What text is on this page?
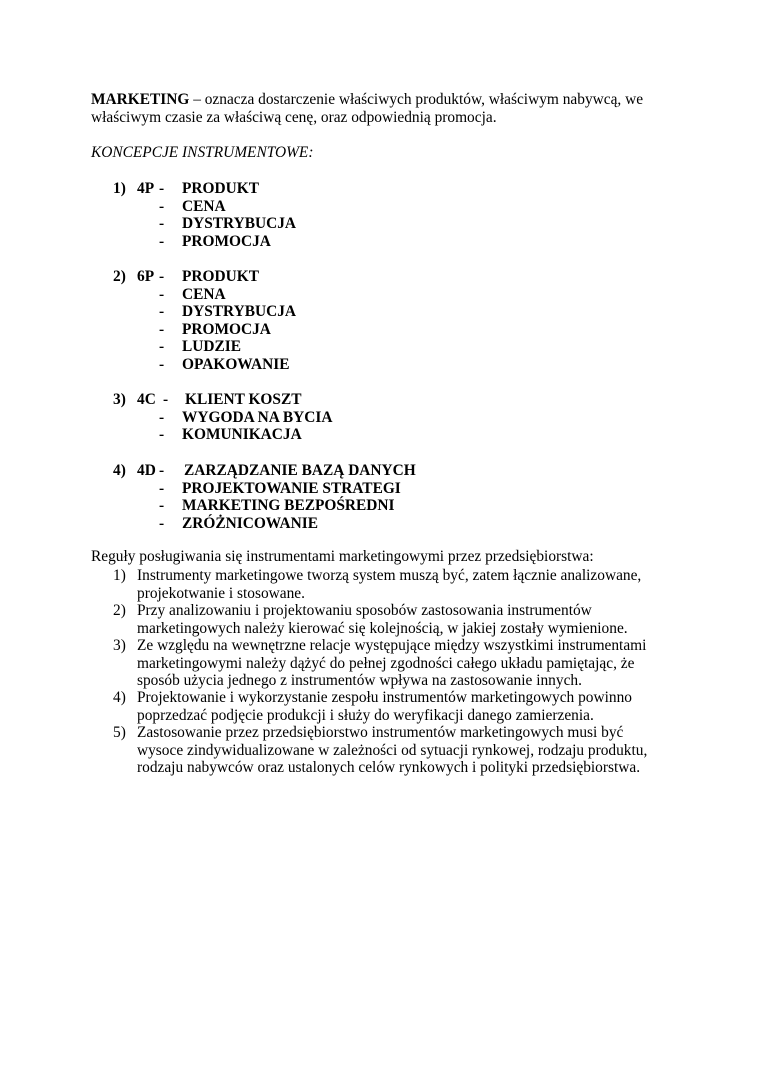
MARKETING – oznacza dostarczenie właściwych produktów, właściwym nabywcą, we właściwym czasie za właściwą cenę, oraz odpowiednią promocja.
KONCEPCJE INSTRUMENTOWE:
1) 4P - PRODUKT
- CENA
- DYSTRYBUCJA
- PROMOCJA
2) 6P - PRODUKT
- CENA
- DYSTRYBUCJA
- PROMOCJA
- LUDZIE
- OPAKOWANIE
3) 4C - KLIENT KOSZT
- WYGODA NA BYCIA
- KOMUNIKACJA
4) 4D - ZARZĄDZANIE BAZĄ DANYCH
- PROJEKTOWANIE STRATEGI
- MARKETING BEZPOŚREDNI
- ZRÓŻNICOWANIE
Reguły posługiwania się instrumentami marketingowymi przez przedsiębiorstwa:
1) Instrumenty marketingowe tworzą system muszą być, zatem łącznie analizowane, projekotwanie i stosowane.
2) Przy analizowaniu i projektowaniu sposobów zastosowania instrumentów marketingowych należy kierować się kolejnością, w jakiej zostały wymienione.
3) Ze względu na wewnętrzne relacje występujące między wszystkimi instrumentami marketingowymi należy dążyć do pełnej zgodności całego układu pamiętając, że sposób użycia jednego z instrumentów wpływa na zastosowanie innych.
4) Projektowanie i wykorzystanie zespołu instrumentów marketingowych powinno poprzedzać podjęcie produkcji i służy do weryfikacji danego zamierzenia.
5) Zastosowanie przez przedsiębiorstwo instrumentów marketingowych musi być wysoce zindywidualizowane w zależności od sytuacji rynkowej, rodzaju produktu, rodzaju nabywców oraz ustalonych celów rynkowych i polityki przedsiębiorstwa.
